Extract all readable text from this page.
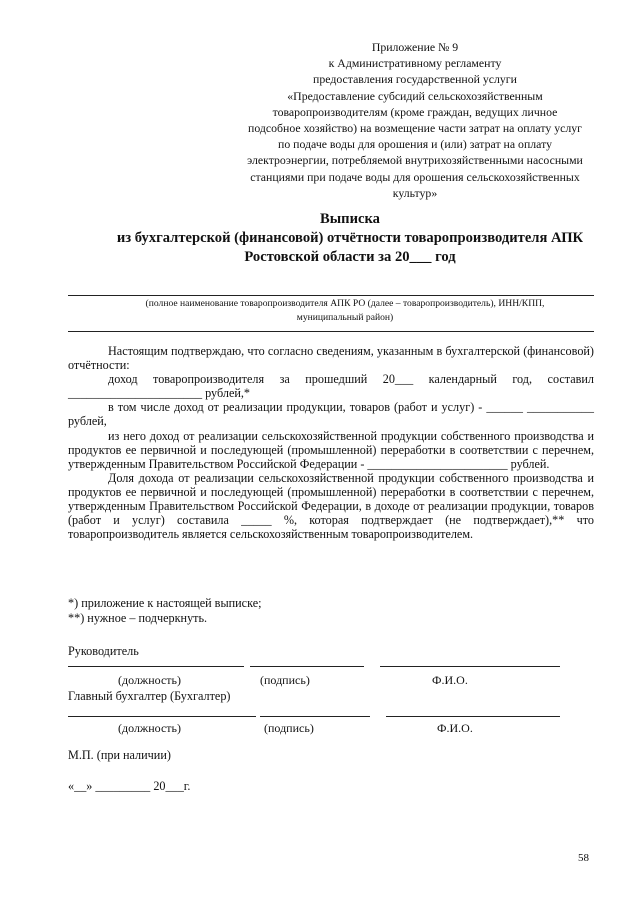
Приложение № 9
к Административному регламенту
предоставления государственной услуги
«Предоставление субсидий сельскохозяйственным
товаропроизводителям (кроме граждан, ведущих личное
подсобное хозяйство) на возмещение части затрат на оплату услуг
по подаче воды для орошения и (или) затрат на оплату
электроэнергии, потребляемой внутрихозяйственными насосными
станциями при подаче воды для орошения сельскохозяйственных
культур»
Выписка
из бухгалтерской (финансовой) отчётности товаропроизводителя АПК
Ростовской области за 20___ год
(полное наименование товаропроизводителя АПК РО (далее – товаропроизводитель), ИНН/КПП,
муниципальный район)

Настоящим подтверждаю, что согласно сведениям, указанным в бухгалтерской (финансовой) отчётности:

доход товаропроизводителя за прошедший 20___ календарный год, составил ______________________ рублей,*

в том числе доход от реализации продукции, товаров (работ и услуг) - ______ ___________ рублей,

из него доход от реализации сельскохозяйственной продукции собственного производства и продуктов ее первичной и последующей (промышленной) переработки в соответствии с перечнем, утвержденным Правительством Российской Федерации - _______________________ рублей.

Доля дохода от реализации сельскохозяйственной продукции собственного производства и продуктов ее первичной и последующей (промышленной) переработки в соответствии с перечнем, утвержденным Правительством Российской Федерации, в доходе от реализации продукции, товаров (работ и услуг) составила _____ %, которая подтверждает (не подтверждает),** что товаропроизводитель является сельскохозяйственным товаропроизводителем.

*) приложение к настоящей выписке;
**) нужное – подчеркнуть.
Руководитель
(должность)	(подпись)	Ф.И.О.
Главный бухгалтер (Бухгалтер)
(должность)	(подпись)	Ф.И.О.
М.П. (при наличии)
«__» _________ 20___г.
58
